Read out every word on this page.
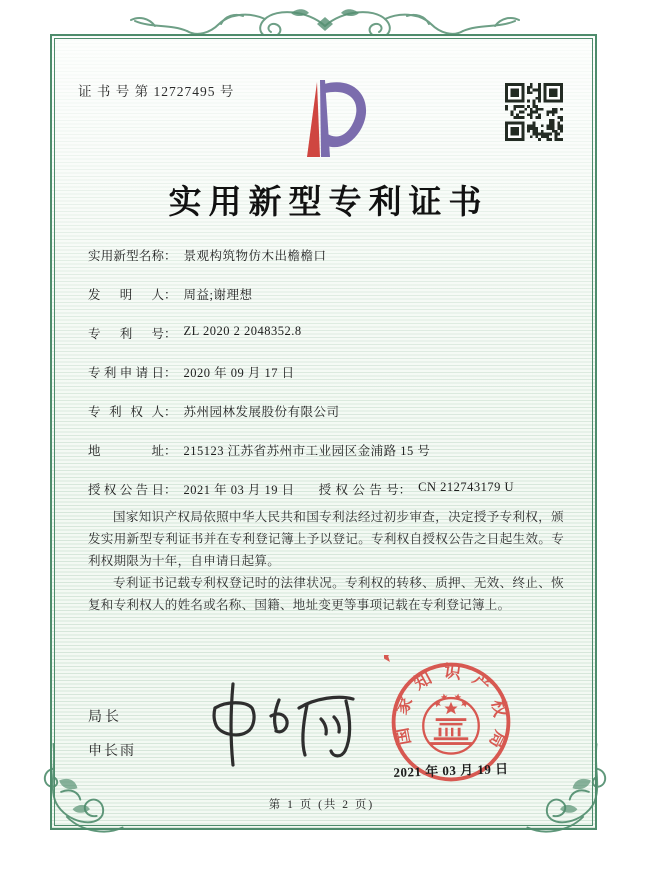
证 书 号 第 12727495 号
实用新型专利证书
实用新型名称： 景观构筑物仿木出檐檐口
发明人： 周益;谢理想
专利号： ZL 2020 2 2048352.8
专利申请日： 2020 年 09 月 17 日
专利权人： 苏州园林发展股份有限公司
地址： 215123 江苏省苏州市工业园区金浦路 15 号
授权公告日： 2021 年 03 月 19 日 授权公告号： CN 212743179 U

国家知识产权局依照中华人民共和国专利法经过初步审查，决定授予专利权，颁发实用新型专利证书并在专利登记簿上予以登记。专利权自授权公告之日起生效。专利权期限为十年，自申请日起算。

专利证书记载专利权登记时的法律状况。专利权的转移、质押、无效、终止、恢复和专利权人的姓名或名称、国籍、地址变更等事项记载在专利登记簿上。

局长
申长雨
国家知识产权局
2021 年 03 月 19 日
第 1 页 (共 2 页)
